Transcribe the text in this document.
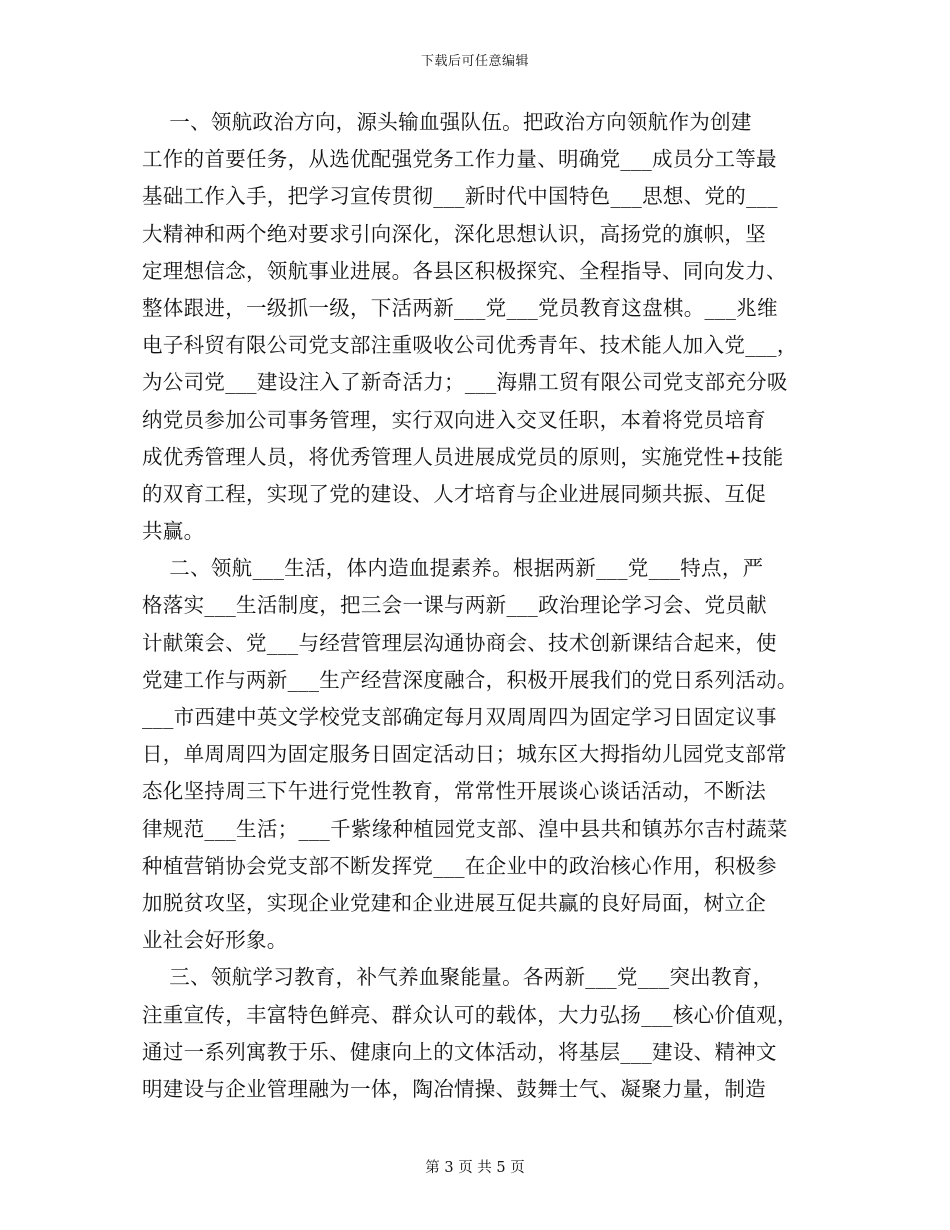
下载后可任意编辑
一、领航政治方向，源头输血强队伍。把政治方向领航作为创建
工作的首要任务，从选优配强党务工作力量、明确党___成员分工等最
基础工作入手，把学习宣传贯彻___新时代中国特色___思想、党的___
大精神和两个绝对要求引向深化，深化思想认识，高扬党的旗帜，坚
定理想信念，领航事业进展。各县区积极探究、全程指导、同向发力、
整体跟进，一级抓一级，下活两新___党___党员教育这盘棋。___兆维
电子科贸有限公司党支部注重吸收公司优秀青年、技术能人加入党___，
为公司党___建设注入了新奇活力；___海鼎工贸有限公司党支部充分吸
纳党员参加公司事务管理，实行双向进入交叉任职，本着将党员培育
成优秀管理人员，将优秀管理人员进展成党员的原则，实施党性+技能
的双育工程，实现了党的建设、人才培育与企业进展同频共振、互促
共赢。
二、领航___生活，体内造血提素养。根据两新___党___特点，严
格落实___生活制度，把三会一课与两新___政治理论学习会、党员献
计献策会、党___与经营管理层沟通协商会、技术创新课结合起来，使
党建工作与两新___生产经营深度融合，积极开展我们的党日系列活动。
___市西建中英文学校党支部确定每月双周周四为固定学习日固定议事
日，单周周四为固定服务日固定活动日；城东区大拇指幼儿园党支部常
态化坚持周三下午进行党性教育，常常性开展谈心谈话活动，不断法
律规范___生活；___千紫缘种植园党支部、湟中县共和镇苏尔吉村蔬菜
种植营销协会党支部不断发挥党___在企业中的政治核心作用，积极参
加脱贫攻坚，实现企业党建和企业进展互促共赢的良好局面，树立企
业社会好形象。
三、领航学习教育，补气养血聚能量。各两新___党___突出教育，
注重宣传，丰富特色鲜亮、群众认可的载体，大力弘扬___核心价值观，
通过一系列寓教于乐、健康向上的文体活动，将基层___建设、精神文
明建设与企业管理融为一体，陶冶情操、鼓舞士气、凝聚力量，制造
第 3 页 共 5 页
